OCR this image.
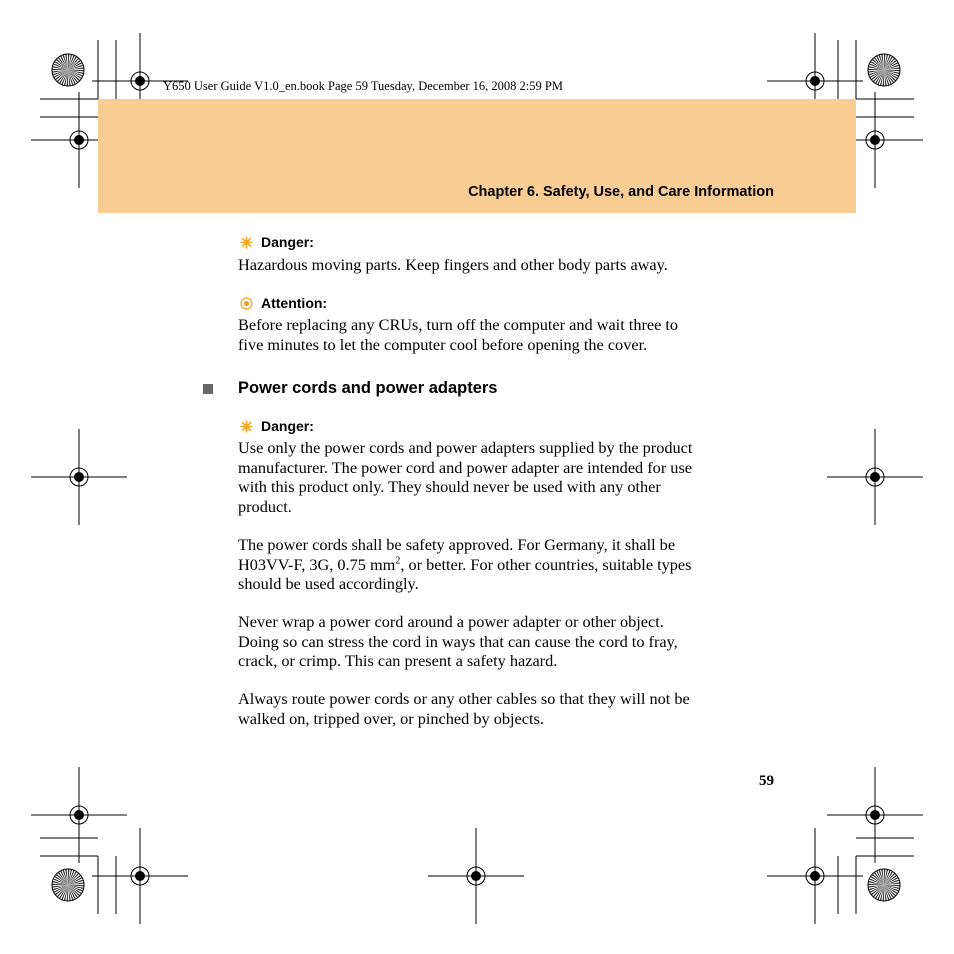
Y650 User Guide V1.0_en.book Page 59 Tuesday, December 16, 2008 2:59 PM
Chapter 6. Safety, Use, and Care Information
Danger:

Hazardous moving parts. Keep fingers and other body parts away.

Attention:

Before replacing any CRUs, turn off the computer and wait three to
five minutes to let the computer cool before opening the cover.

Power cords and power adapters
Danger:

Use only the power cords and power adapters supplied by the product
manufacturer. The power cord and power adapter are intended for use
with this product only. They should never be used with any other
product.

The power cords shall be safety approved. For Germany, it shall be
H03VV-F, 3G, 0.75 $mm^2$, or better. For other countries, suitable types
should be used accordingly.

Never wrap a power cord around a power adapter or other object.
Doing so can stress the cord in ways that can cause the cord to fray,
crack, or crimp. This can present a safety hazard.

Always route power cords or any other cables so that they will not be
walked on, tripped over, or pinched by objects.

59
